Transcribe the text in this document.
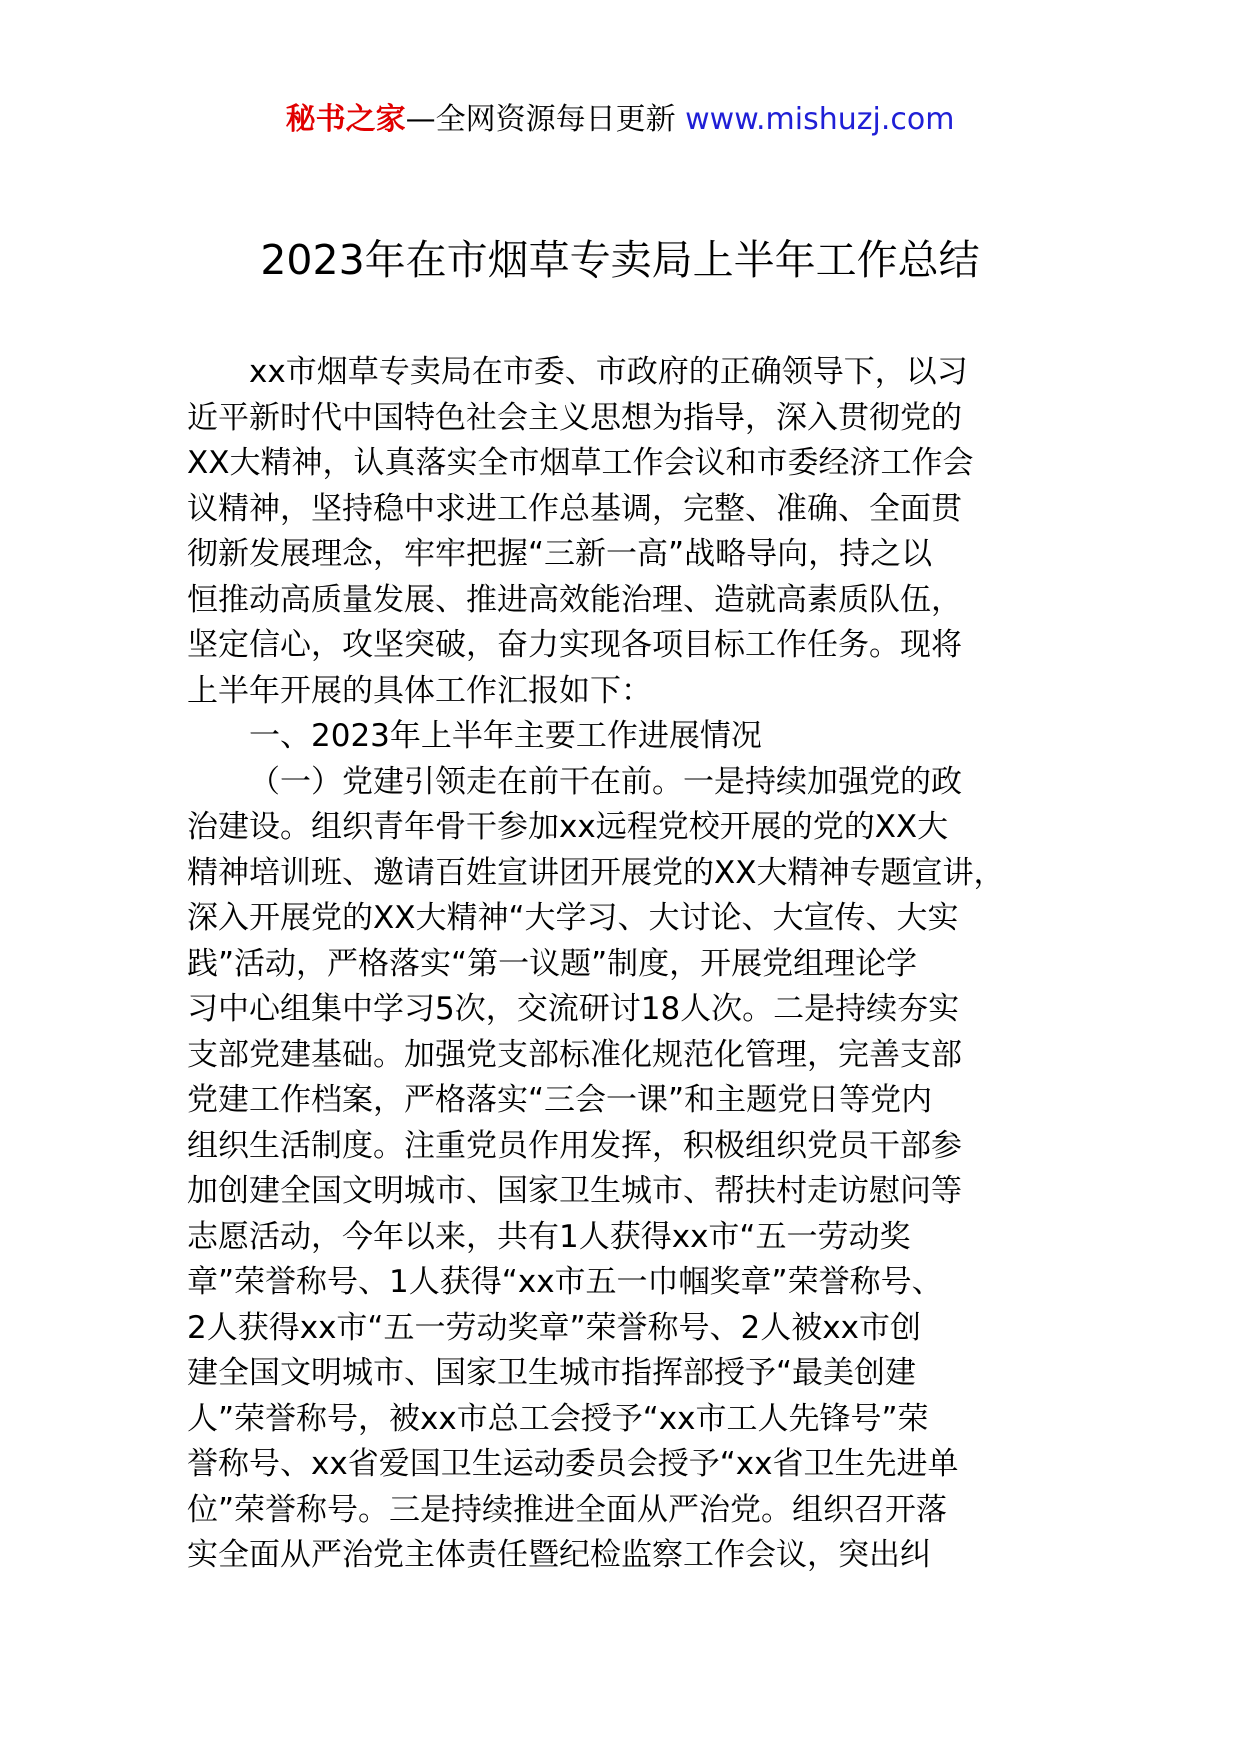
秘书之家—全网资源每日更新 www.mishuzj.com
2023年在市烟草专卖局上半年工作总结
xx市烟草专卖局在市委、市政府的正确领导下，以习
近平新时代中国特色社会主义思想为指导，深入贯彻党的
XX大精神，认真落实全市烟草工作会议和市委经济工作会
议精神，坚持稳中求进工作总基调，完整、准确、全面贯
彻新发展理念，牢牢把握“三新一高”战略导向，持之以
恒推动高质量发展、推进高效能治理、造就高素质队伍，
坚定信心，攻坚突破，奋力实现各项目标工作任务。现将
上半年开展的具体工作汇报如下：
一、2023年上半年主要工作进展情况
（一）党建引领走在前干在前。一是持续加强党的政
治建设。组织青年骨干参加xx远程党校开展的党的XX大
精神培训班、邀请百姓宣讲团开展党的XX大精神专题宣讲，
深入开展党的XX大精神“大学习、大讨论、大宣传、大实
践”活动，严格落实“第一议题”制度，开展党组理论学
习中心组集中学习5次，交流研讨18人次。二是持续夯实
支部党建基础。加强党支部标准化规范化管理，完善支部
党建工作档案，严格落实“三会一课”和主题党日等党内
组织生活制度。注重党员作用发挥，积极组织党员干部参
加创建全国文明城市、国家卫生城市、帮扶村走访慰问等
志愿活动，今年以来，共有1人获得xx市“五一劳动奖
章”荣誉称号、1人获得“xx市五一巾帼奖章”荣誉称号、
2人获得xx市“五一劳动奖章”荣誉称号、2人被xx市创
建全国文明城市、国家卫生城市指挥部授予“最美创建
人”荣誉称号，被xx市总工会授予“xx市工人先锋号”荣
誉称号、xx省爱国卫生运动委员会授予“xx省卫生先进单
位”荣誉称号。三是持续推进全面从严治党。组织召开落
实全面从严治党主体责任暨纪检监察工作会议，突出纠
